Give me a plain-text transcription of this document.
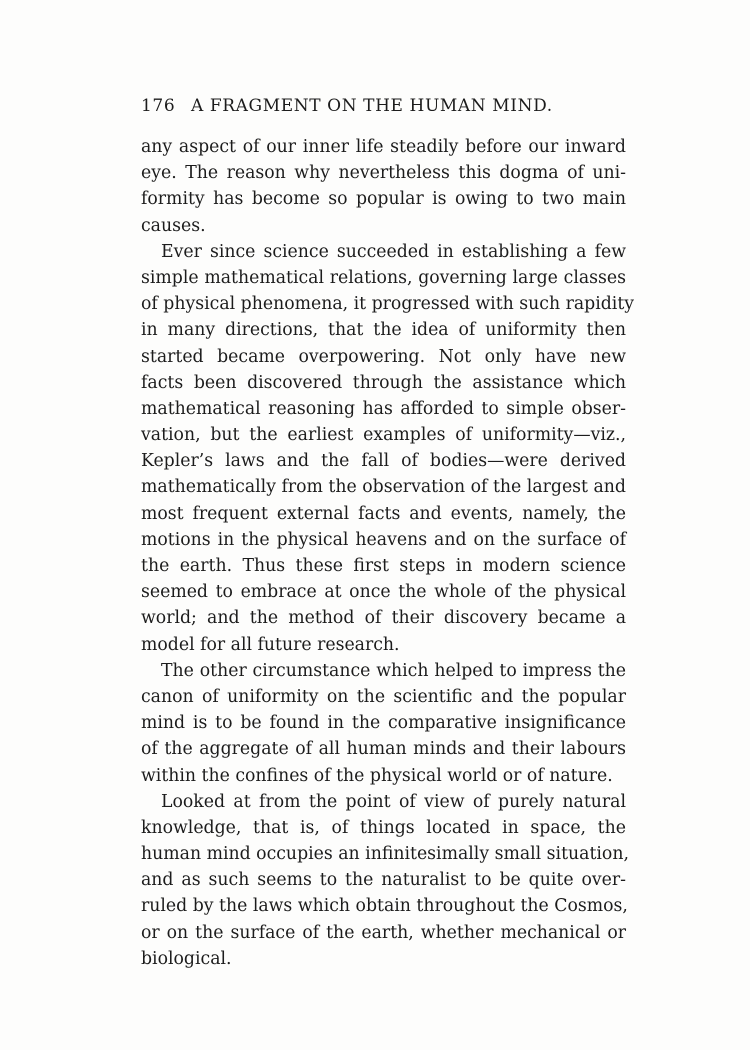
176 A FRAGMENT ON THE HUMAN MIND.
any aspect of our inner life steadily before our inward
eye. The reason why nevertheless this dogma of uni-
formity has become so popular is owing to two main
causes.
Ever since science succeeded in establishing a few
simple mathematical relations, governing large classes
of physical phenomena, it progressed with such rapidity
in many directions, that the idea of uniformity then
started became overpowering. Not only have new
facts been discovered through the assistance which
mathematical reasoning has afforded to simple obser-
vation, but the earliest examples of uniformity—viz.,
Kepler’s laws and the fall of bodies—were derived
mathematically from the observation of the largest and
most frequent external facts and events, namely, the
motions in the physical heavens and on the surface of
the earth. Thus these first steps in modern science
seemed to embrace at once the whole of the physical
world; and the method of their discovery became a
model for all future research.
The other circumstance which helped to impress the
canon of uniformity on the scientific and the popular
mind is to be found in the comparative insignificance
of the aggregate of all human minds and their labours
within the confines of the physical world or of nature.
Looked at from the point of view of purely natural
knowledge, that is, of things located in space, the
human mind occupies an infinitesimally small situation,
and as such seems to the naturalist to be quite over-
ruled by the laws which obtain throughout the Cosmos,
or on the surface of the earth, whether mechanical or
biological.
